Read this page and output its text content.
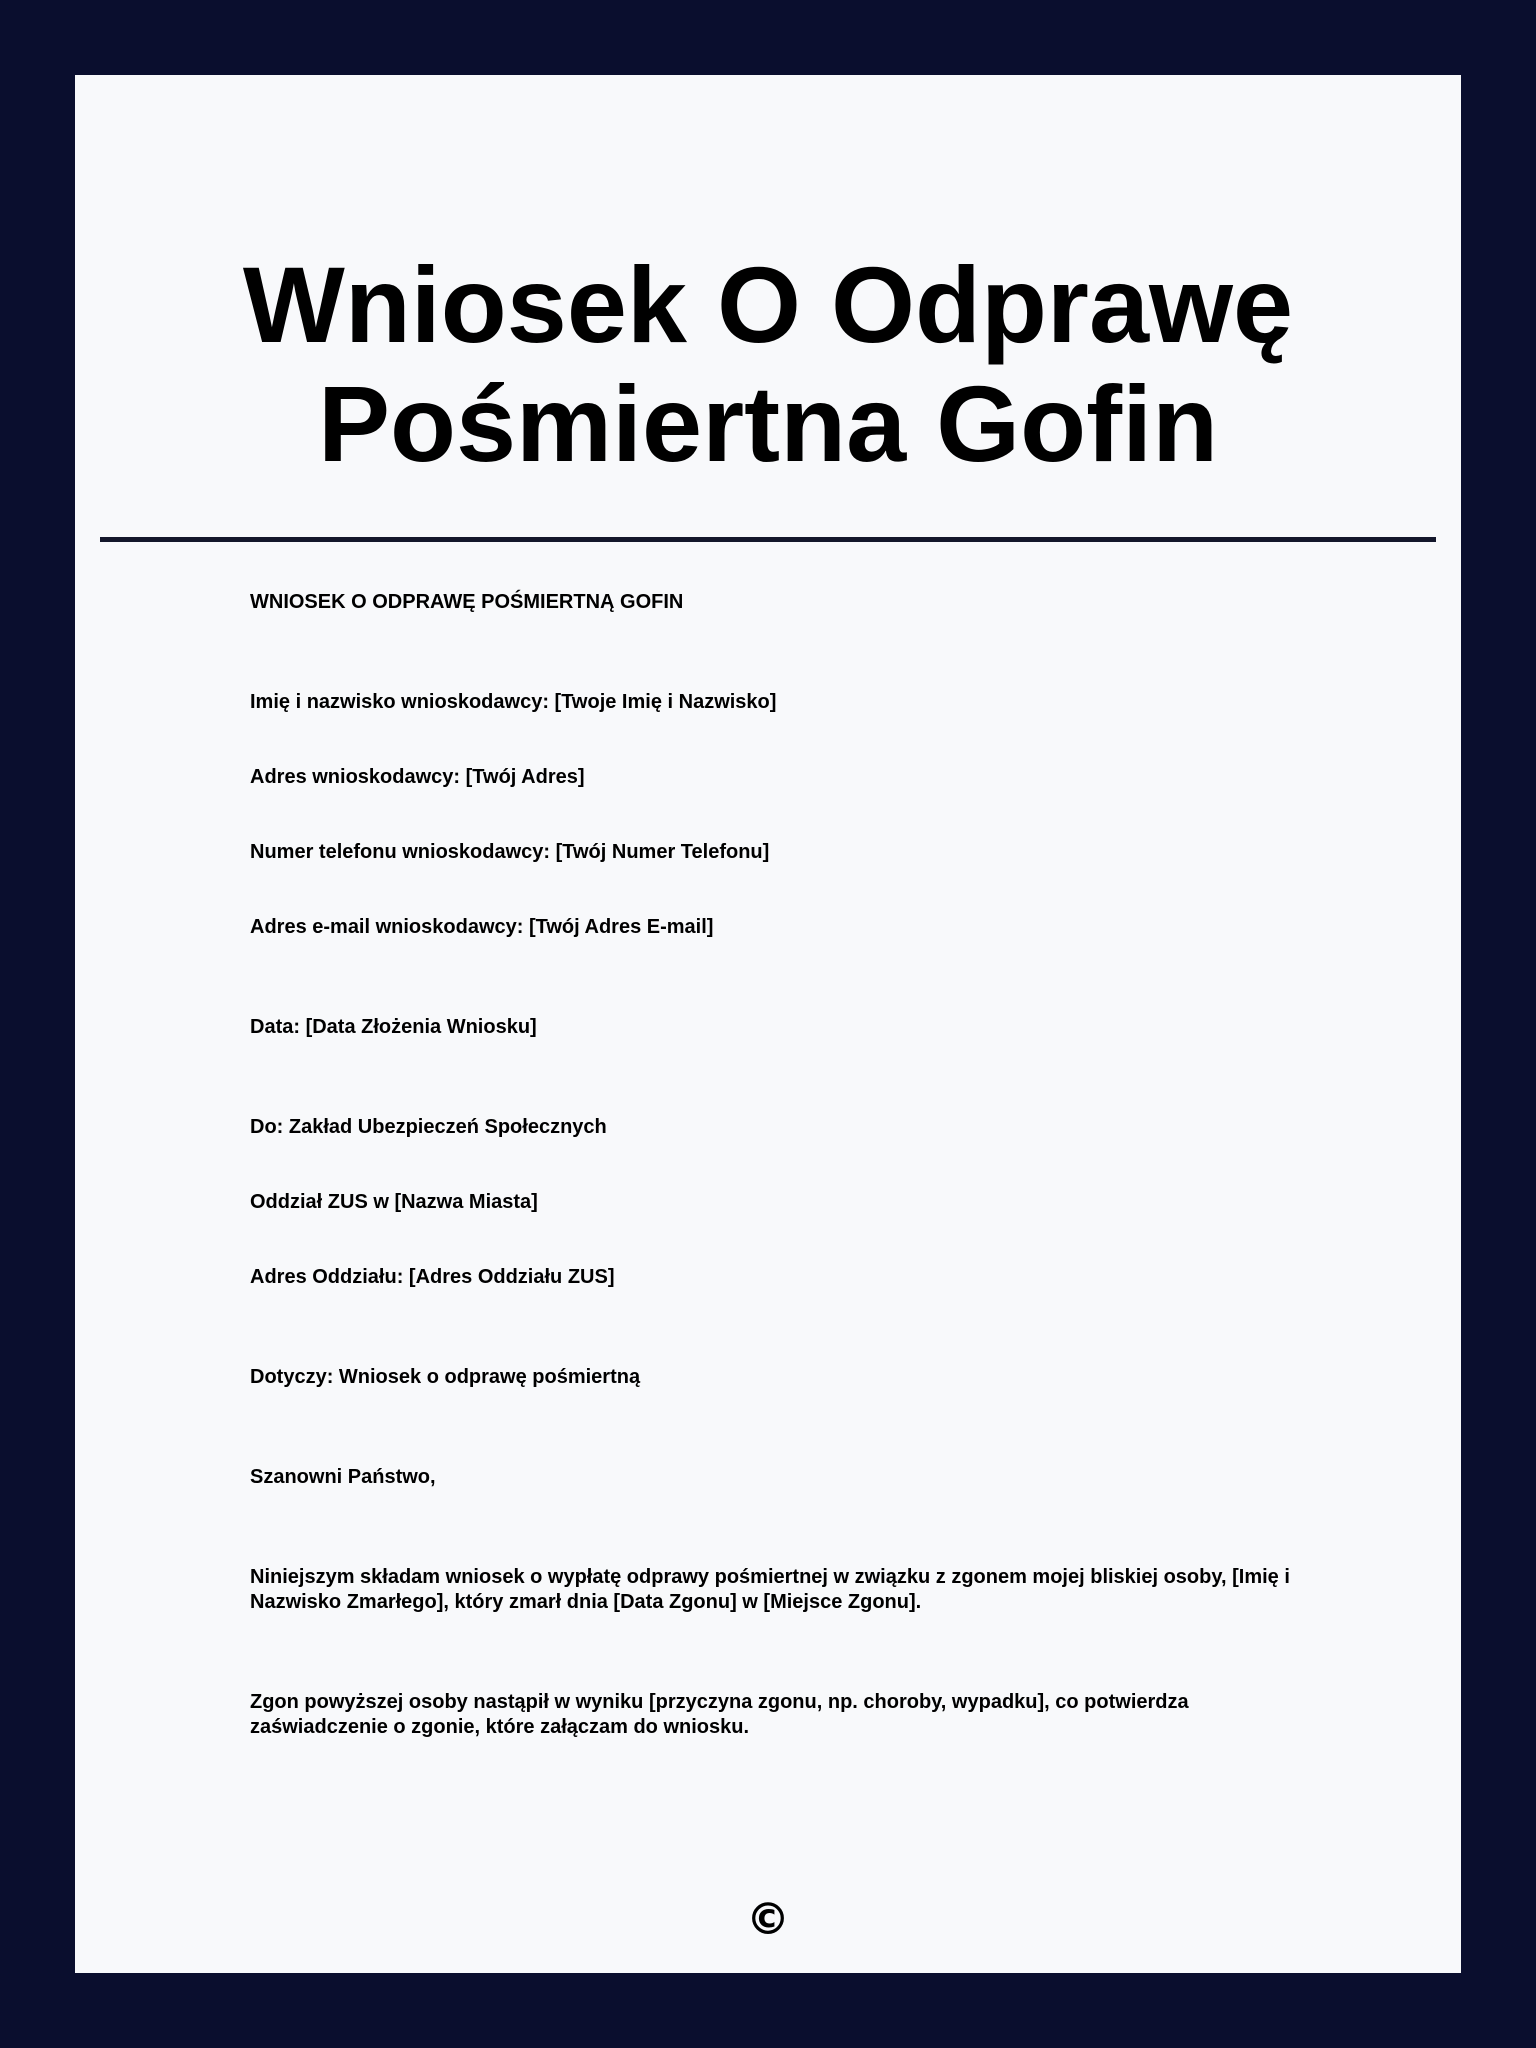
Wniosek O Odprawę Pośmiertna Gofin

WNIOSEK O ODPRAWĘ POŚMIERTNĄ GOFIN

Imię i nazwisko wnioskodawcy: [Twoje Imię i Nazwisko]

Adres wnioskodawcy: [Twój Adres]

Numer telefonu wnioskodawcy: [Twój Numer Telefonu]

Adres e-mail wnioskodawcy: [Twój Adres E-mail]

Data: [Data Złożenia Wniosku]

Do: Zakład Ubezpieczeń Społecznych

Oddział ZUS w [Nazwa Miasta]

Adres Oddziału: [Adres Oddziału ZUS]

Dotyczy: Wniosek o odprawę pośmiertną

Szanowni Państwo,

Niniejszym składam wniosek o wypłatę odprawy pośmiertnej w związku z zgonem mojej bliskiej osoby, [Imię i Nazwisko Zmarłego], który zmarł dnia [Data Zgonu] w [Miejsce Zgonu].

Zgon powyższej osoby nastąpił w wyniku [przyczyna zgonu, np. choroby, wypadku], co potwierdza zaświadczenie o zgonie, które załączam do wniosku.

©
